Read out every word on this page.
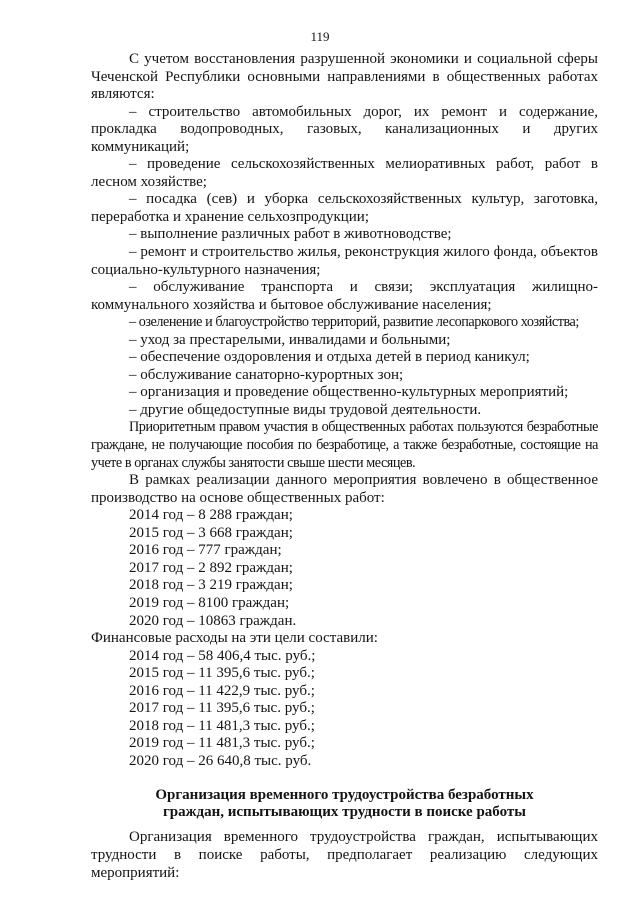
119

С учетом восстановления разрушенной экономики и социальной сферы Чеченской Республики основными направлениями в общественных работах являются:

– строительство автомобильных дорог, их ремонт и содержание, прокладка водопроводных, газовых, канализационных и других коммуникаций;

– проведение сельскохозяйственных мелиоративных работ, работ в лесном хозяйстве;

– посадка (сев) и уборка сельскохозяйственных культур, заготовка, переработка и хранение сельхозпродукции;

– выполнение различных работ в животноводстве;

– ремонт и строительство жилья, реконструкция жилого фонда, объектов социально-культурного назначения;

– обслуживание транспорта и связи; эксплуатация жилищно-коммунального хозяйства и бытовое обслуживание населения;

– озеленение и благоустройство территорий, развитие лесопаркового хозяйства;

– уход за престарелыми, инвалидами и больными;

– обеспечение оздоровления и отдыха детей в период каникул;

– обслуживание санаторно-курортных зон;

– организация и проведение общественно-культурных мероприятий;

– другие общедоступные виды трудовой деятельности.

Приоритетным правом участия в общественных работах пользуются безработные граждане, не получающие пособия по безработице, а также безработные, состоящие на учете в органах службы занятости свыше шести месяцев.

В рамках реализации данного мероприятия вовлечено в общественное производство на основе общественных работ:

2014 год – 8 288 граждан;

2015 год – 3 668 граждан;

2016 год – 777 граждан;

2017 год – 2 892 граждан;

2018 год – 3 219 граждан;

2019 год – 8100 граждан;

2020 год – 10863 граждан.

Финансовые расходы на эти цели составили:

2014 год – 58 406,4 тыс. руб.;

2015 год – 11 395,6 тыс. руб.;

2016 год – 11 422,9 тыс. руб.;

2017 год – 11 395,6 тыс. руб.;

2018 год – 11 481,3 тыс. руб.;

2019 год – 11 481,3 тыс. руб.;

2020 год – 26 640,8 тыс. руб.

Организация временного трудоустройства безработных
граждан, испытывающих трудности в поиске работы

Организация временного трудоустройства граждан, испытывающих трудности в поиске работы, предполагает реализацию следующих мероприятий:
